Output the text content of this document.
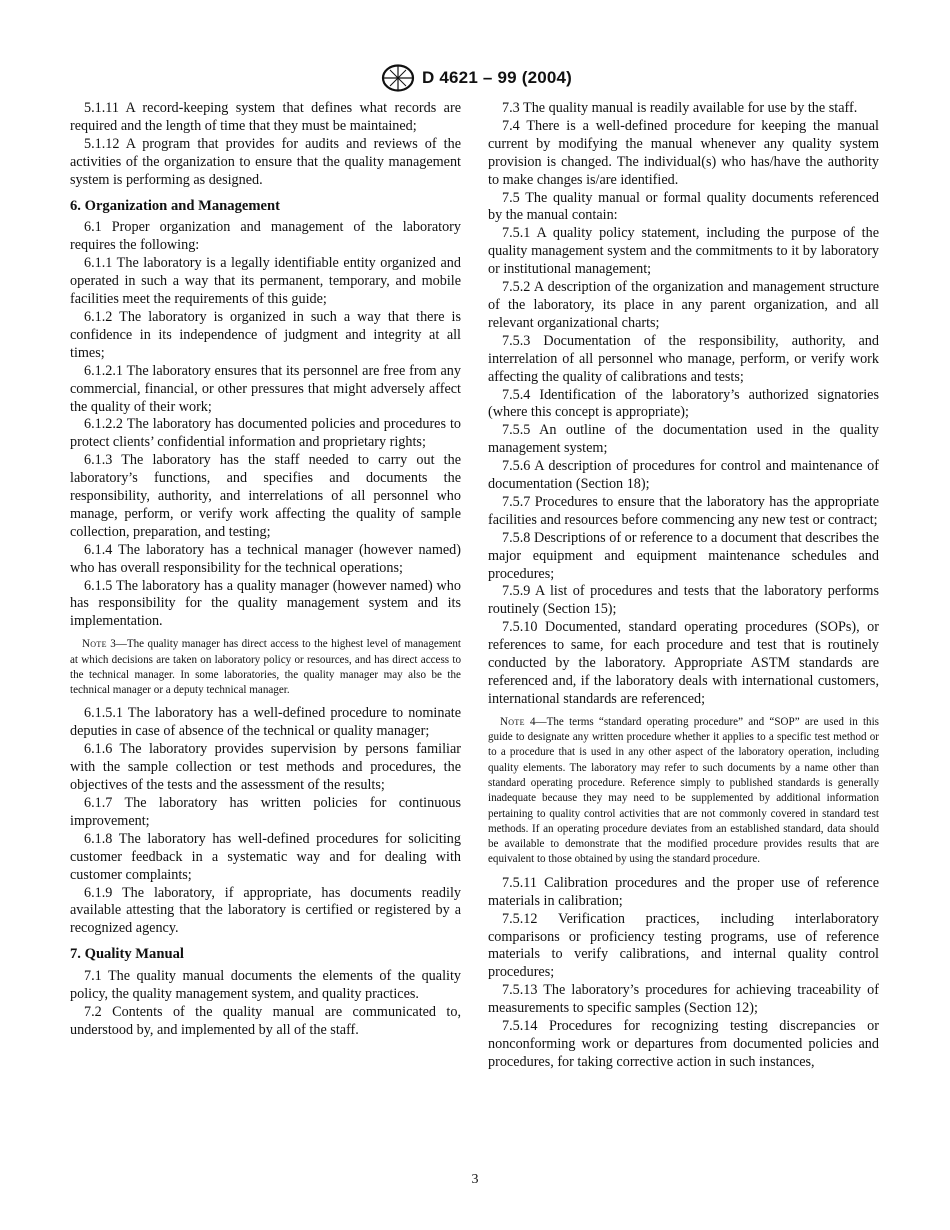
D 4621 – 99 (2004)

5.1.11 A record-keeping system that defines what records are required and the length of time that they must be maintained;

5.1.12 A program that provides for audits and reviews of the activities of the organization to ensure that the quality management system is performing as designed.

6. Organization and Management

6.1 Proper organization and management of the laboratory requires the following:

6.1.1 The laboratory is a legally identifiable entity organized and operated in such a way that its permanent, temporary, and mobile facilities meet the requirements of this guide;

6.1.2 The laboratory is organized in such a way that there is confidence in its independence of judgment and integrity at all times;

6.1.2.1 The laboratory ensures that its personnel are free from any commercial, financial, or other pressures that might adversely affect the quality of their work;

6.1.2.2 The laboratory has documented policies and procedures to protect clients’ confidential information and proprietary rights;

6.1.3 The laboratory has the staff needed to carry out the laboratory’s functions, and specifies and documents the responsibility, authority, and interrelations of all personnel who manage, perform, or verify work affecting the quality of sample collection, preparation, and testing;

6.1.4 The laboratory has a technical manager (however named) who has overall responsibility for the technical operations;

6.1.5 The laboratory has a quality manager (however named) who has responsibility for the quality management system and its implementation.

Note 3—The quality manager has direct access to the highest level of management at which decisions are taken on laboratory policy or resources, and has direct access to the technical manager. In some laboratories, the quality manager may also be the technical manager or a deputy technical manager.

6.1.5.1 The laboratory has a well-defined procedure to nominate deputies in case of absence of the technical or quality manager;

6.1.6 The laboratory provides supervision by persons familiar with the sample collection or test methods and procedures, the objectives of the tests and the assessment of the results;

6.1.7 The laboratory has written policies for continuous improvement;

6.1.8 The laboratory has well-defined procedures for soliciting customer feedback in a systematic way and for dealing with customer complaints;

6.1.9 The laboratory, if appropriate, has documents readily available attesting that the laboratory is certified or registered by a recognized agency.

7. Quality Manual

7.1 The quality manual documents the elements of the quality policy, the quality management system, and quality practices.

7.2 Contents of the quality manual are communicated to, understood by, and implemented by all of the staff.

7.3 The quality manual is readily available for use by the staff.

7.4 There is a well-defined procedure for keeping the manual current by modifying the manual whenever any quality system provision is changed. The individual(s) who has/have the authority to make changes is/are identified.

7.5 The quality manual or formal quality documents referenced by the manual contain:

7.5.1 A quality policy statement, including the purpose of the quality management system and the commitments to it by laboratory or institutional management;

7.5.2 A description of the organization and management structure of the laboratory, its place in any parent organization, and all relevant organizational charts;

7.5.3 Documentation of the responsibility, authority, and interrelation of all personnel who manage, perform, or verify work affecting the quality of calibrations and tests;

7.5.4 Identification of the laboratory’s authorized signatories (where this concept is appropriate);

7.5.5 An outline of the documentation used in the quality management system;

7.5.6 A description of procedures for control and maintenance of documentation (Section 18);

7.5.7 Procedures to ensure that the laboratory has the appropriate facilities and resources before commencing any new test or contract;

7.5.8 Descriptions of or reference to a document that describes the major equipment and equipment maintenance schedules and procedures;

7.5.9 A list of procedures and tests that the laboratory performs routinely (Section 15);

7.5.10 Documented, standard operating procedures (SOPs), or references to same, for each procedure and test that is routinely conducted by the laboratory. Appropriate ASTM standards are referenced and, if the laboratory deals with international customers, international standards are referenced;

Note 4—The terms “standard operating procedure” and “SOP” are used in this guide to designate any written procedure whether it applies to a specific test method or to a procedure that is used in any other aspect of the laboratory operation, including quality elements. The laboratory may refer to such documents by a name other than standard operating procedure. Reference simply to published standards is generally inadequate because they may need to be supplemented by additional information pertaining to quality control activities that are not commonly covered in standard test methods. If an operating procedure deviates from an established standard, data should be available to demonstrate that the modified procedure provides results that are equivalent to those obtained by using the standard procedure.

7.5.11 Calibration procedures and the proper use of reference materials in calibration;

7.5.12 Verification practices, including interlaboratory comparisons or proficiency testing programs, use of reference materials to verify calibrations, and internal quality control procedures;

7.5.13 The laboratory’s procedures for achieving traceability of measurements to specific samples (Section 12);

7.5.14 Procedures for recognizing testing discrepancies or nonconforming work or departures from documented policies and procedures, for taking corrective action in such instances,

3
